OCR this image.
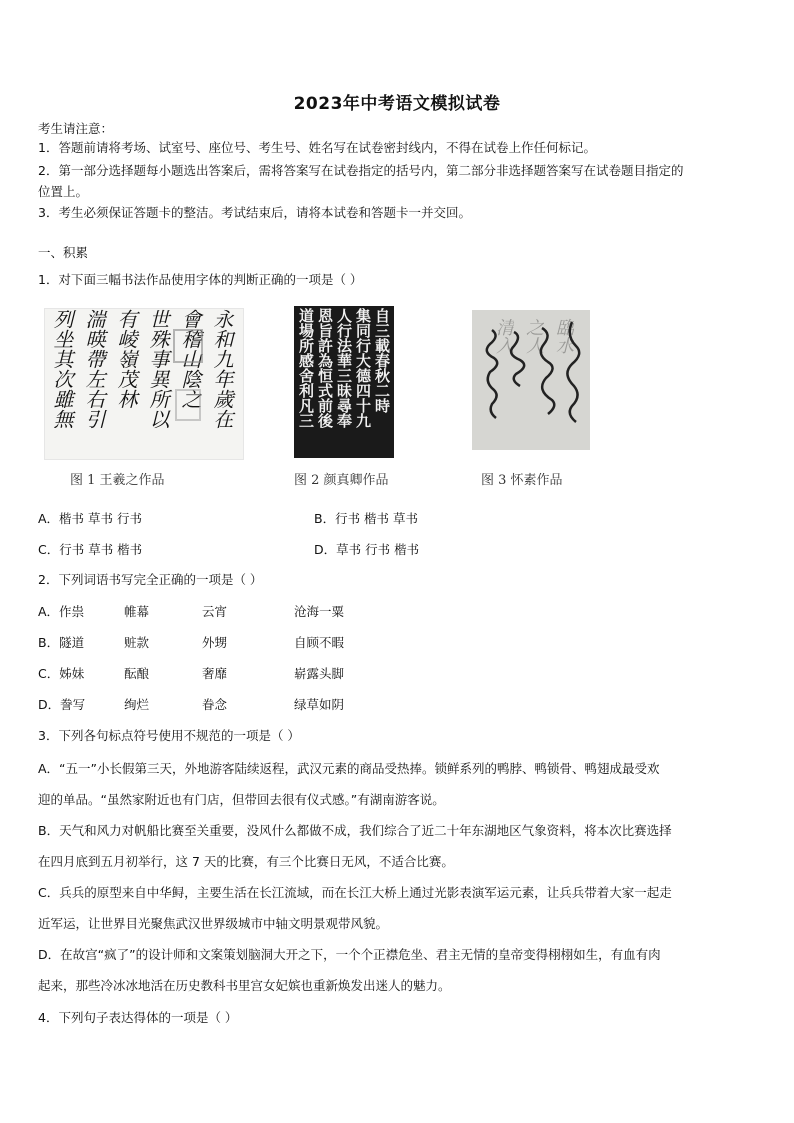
2023年中考语文模拟试卷
考生请注意：
1．答题前请将考场、试室号、座位号、考生号、姓名写在试卷密封线内，不得在试卷上作任何标记。
2．第一部分选择题每小题选出答案后，需将答案写在试卷指定的括号内，第二部分非选择题答案写在试卷题目指定的
位置上。
3．考生必须保证答题卡的整洁。考试结束后，请将本试卷和答题卡一并交回。
一、积累
1．对下面三幅书法作品使用字体的判断正确的一项是（ ）
永和九年歲在
會稽山陰之
世殊事異所以
有崚嶺茂林
湍暎帶左右引
列坐其次雖無
图 1 王羲之作品
自三載春秋二時
集同行大德四十九
人行法華三昧尋奉
恩旨許為恒式前後
道場所感舍利凡三
图 2 颜真卿作品
臨水
之人
清入
图 3 怀素作品
A．楷书 草书 行书	B．行书 楷书 草书
C．行书 草书 楷书	D．草书 行书 楷书
2．下列词语书写完全正确的一项是（ ）
A．作祟	帷幕	云宵	沧海一粟
B．隧道	赃款	外甥	自顾不暇
C．姊妹	酝酿	奢靡	崭露头脚
D．誊写	绚烂	眷念	绿草如阴
3．下列各句标点符号使用不规范的一项是（ ）
A．“五一”小长假第三天，外地游客陆续返程，武汉元素的商品受热捧。锁鲜系列的鸭脖、鸭锁骨、鸭翅成最受欢
迎的单品。“虽然家附近也有门店，但带回去很有仪式感。”有湖南游客说。
B．天气和风力对帆船比赛至关重要，没风什么都做不成，我们综合了近二十年东湖地区气象资料，将本次比赛选择
在四月底到五月初举行，这 7 天的比赛，有三个比赛日无风，不适合比赛。
C．兵兵的原型来自中华鲟，主要生活在长江流域，而在长江大桥上通过光影表演军运元素，让兵兵带着大家一起走
近军运，让世界目光聚焦武汉世界级城市中轴文明景观带风貌。
D．在故宫“疯了”的设计师和文案策划脑洞大开之下，一个个正襟危坐、君主无情的皇帝变得栩栩如生，有血有肉
起来，那些冷冰冰地活在历史教科书里宫女妃嫔也重新焕发出迷人的魅力。
4．下列句子表达得体的一项是（ ）
